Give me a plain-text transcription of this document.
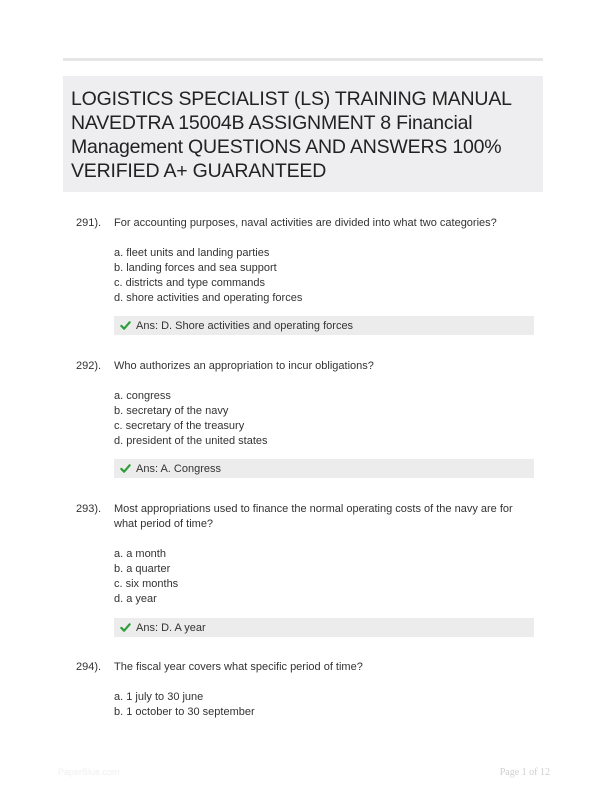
LOGISTICS SPECIALIST (LS) TRAINING MANUAL NAVEDTRA 15004B ASSIGNMENT 8 Financial Management QUESTIONS AND ANSWERS 100% VERIFIED A+ GUARANTEED
291). For accounting purposes, naval activities are divided into what two categories?
a. fleet units and landing parties
b. landing forces and sea support
c. districts and type commands
d. shore activities and operating forces
Ans: D. Shore activities and operating forces
292). Who authorizes an appropriation to incur obligations?
a. congress
b. secretary of the navy
c. secretary of the treasury
d. president of the united states
Ans: A. Congress
293). Most appropriations used to finance the normal operating costs of the navy are for what period of time?
a. a month
b. a quarter
c. six months
d. a year
Ans: D. A year
294). The fiscal year covers what specific period of time?
a. 1 july to 30 june
b. 1 october to 30 september
PaperBlue.com	Page 1 of 12
